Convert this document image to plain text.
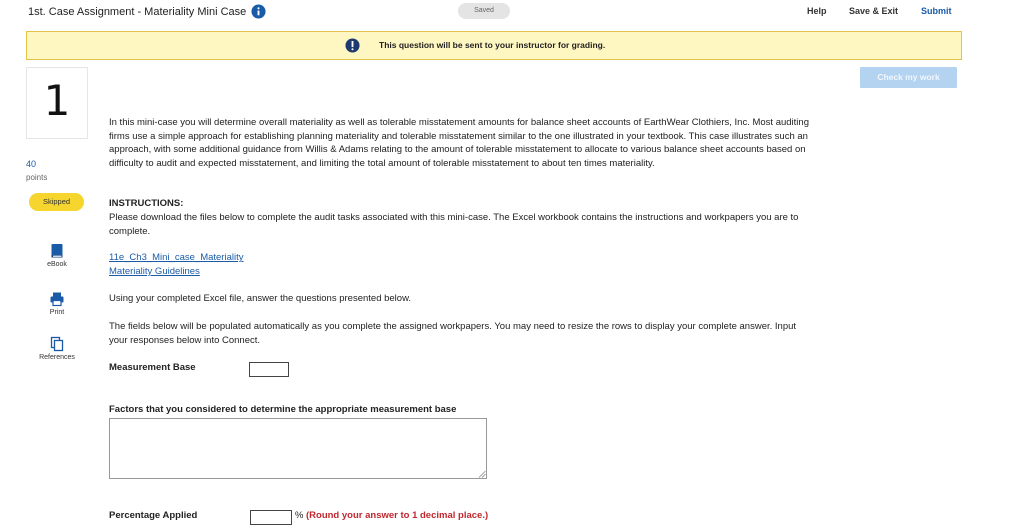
1st. Case Assignment - Materiality Mini Case	Saved	Help Save & Exit	Submit
This question will be sent to your instructor for grading.
Check my work
1
40
points
Skipped
eBook
Print
References

In this mini-case you will determine overall materiality as well as tolerable misstatement amounts for balance sheet accounts of EarthWear Clothiers, Inc. Most auditing firms use a simple approach for establishing planning materiality and tolerable misstatement similar to the one illustrated in your textbook. This case illustrates such an approach, with some additional guidance from Willis & Adams relating to the amount of tolerable misstatement to allocate to various balance sheet accounts based on difficulty to audit and expected misstatement, and limiting the total amount of tolerable misstatement to about ten times materiality.

INSTRUCTIONS:

Please download the files below to complete the audit tasks associated with this mini-case. The Excel workbook contains the instructions and workpapers you are to complete.

11e_Ch3_Mini_case_Materiality
Materiality Guidelines

Using your completed Excel file, answer the questions presented below.

The fields below will be populated automatically as you complete the assigned workpapers. You may need to resize the rows to display your complete answer. Input your responses below into Connect.

Measurement Base
Factors that you considered to determine the appropriate measurement base
Percentage Applied	% (Round your answer to 1 decimal place.)
